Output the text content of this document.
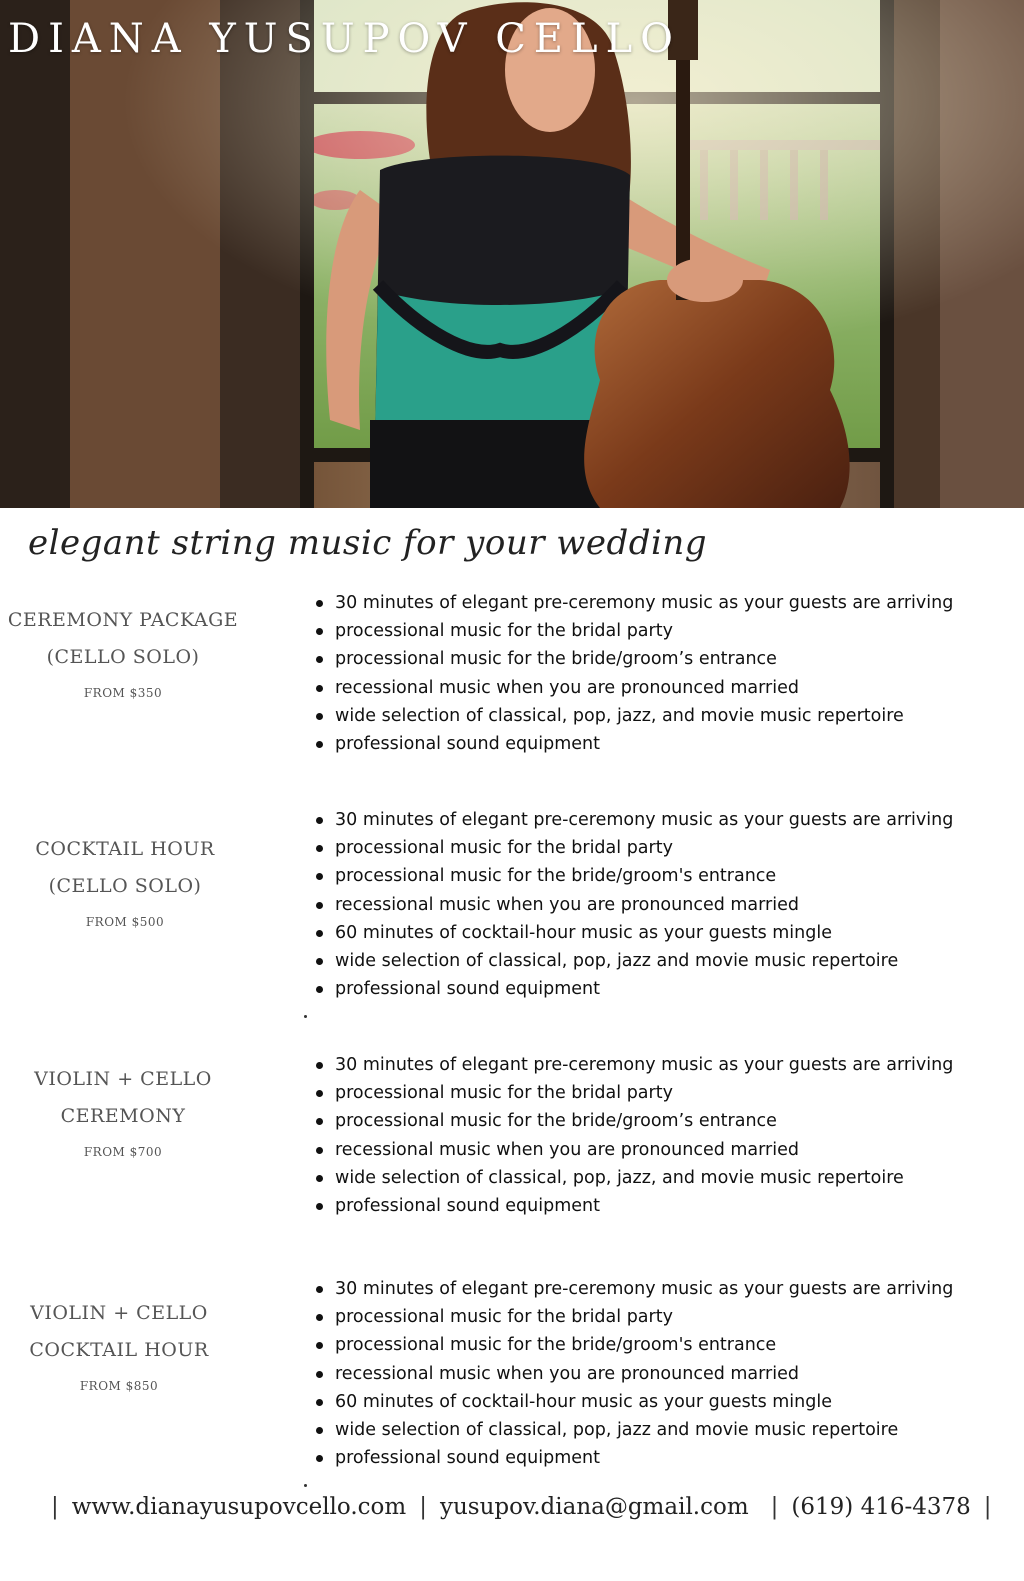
DIANA YUSUPOV CELLO

elegant string music for your wedding

CEREMONY PACKAGE
(CELLO SOLO)
FROM $350
30 minutes of elegant pre-ceremony music as your guests are arriving
processional music for the bridal party
processional music for the bride/groom’s entrance
recessional music when you are pronounced married
wide selection of classical, pop, jazz, and movie music repertoire
professional sound equipment
COCKTAIL HOUR
(CELLO SOLO)
FROM $500
30 minutes of elegant pre-ceremony music as your guests are arriving
processional music for the bridal party
processional music for the bride/groom's entrance
recessional music when you are pronounced married
60 minutes of cocktail-hour music as your guests mingle
wide selection of classical, pop, jazz and movie music repertoire
professional sound equipment
VIOLIN + CELLO
CEREMONY
FROM $700
30 minutes of elegant pre-ceremony music as your guests are arriving
processional music for the bridal party
processional music for the bride/groom’s entrance
recessional music when you are pronounced married
wide selection of classical, pop, jazz, and movie music repertoire
professional sound equipment
VIOLIN + CELLO
COCKTAIL HOUR
FROM $850
30 minutes of elegant pre-ceremony music as your guests are arriving
processional music for the bridal party
processional music for the bride/groom's entrance
recessional music when you are pronounced married
60 minutes of cocktail-hour music as your guests mingle
wide selection of classical, pop, jazz and movie music repertoire
professional sound equipment
| www.dianayusupovcello.com | yusupov.diana@gmail.com | (619) 416-4378 |
